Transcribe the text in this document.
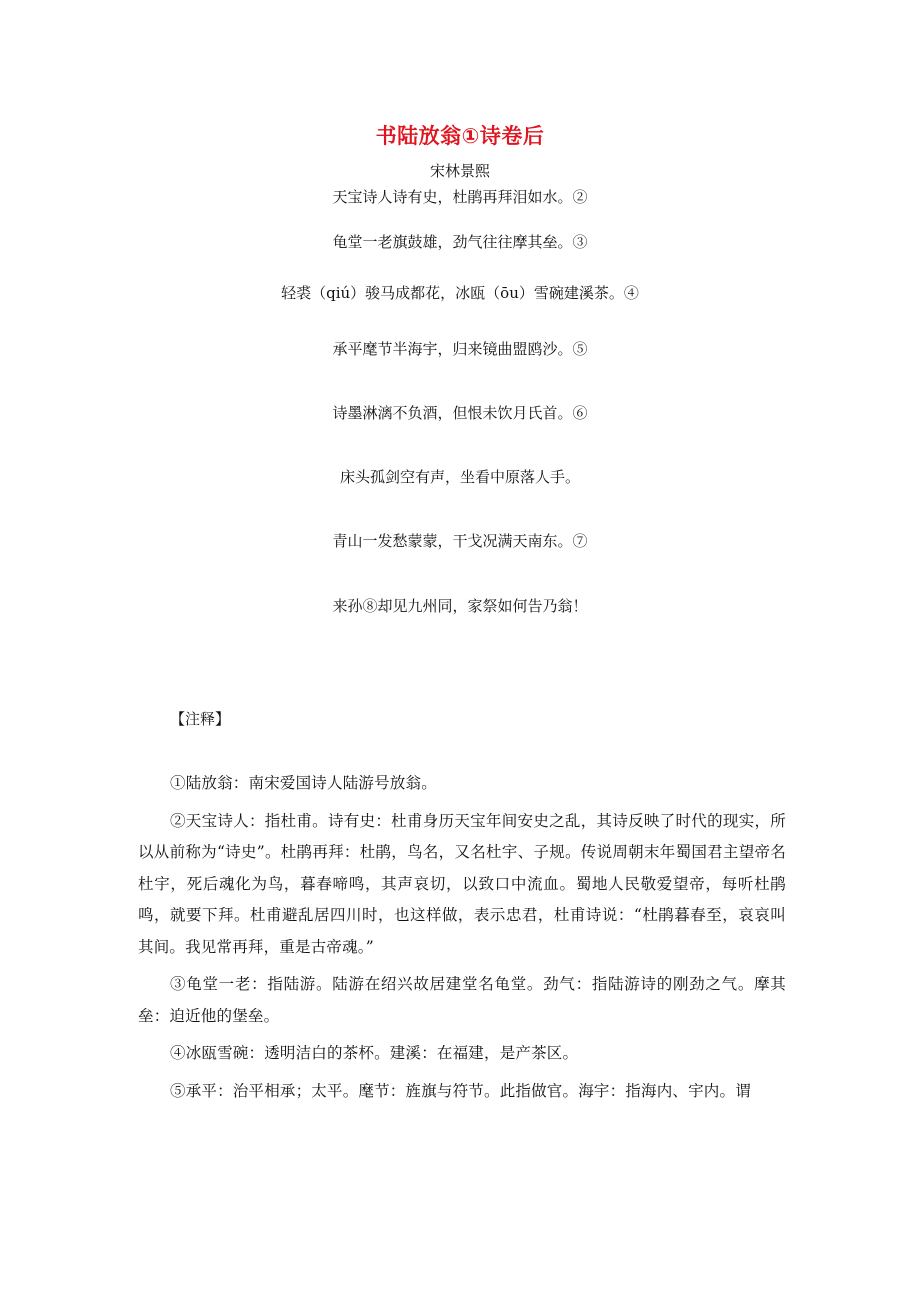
书陆放翁①诗卷后
宋林景熙
天宝诗人诗有史，杜鹃再拜泪如水。②
龟堂一老旗鼓雄，劲气往往摩其垒。③
轻裘（qiú）骏马成都花，冰瓯（ōu）雪碗建溪茶。④
承平麾节半海宇，归来镜曲盟鸥沙。⑤
诗墨淋漓不负酒，但恨未饮月氏首。⑥
床头孤剑空有声，坐看中原落人手。
青山一发愁蒙蒙，干戈况满天南东。⑦
来孙⑧却见九州同，家祭如何告乃翁！
【注释】

①陆放翁：南宋爱国诗人陆游号放翁。

②天宝诗人：指杜甫。诗有史：杜甫身历天宝年间安史之乱，其诗反映了时代的现实，所以从前称为“诗史”。杜鹃再拜：杜鹃，鸟名，又名杜宇、子规。传说周朝末年蜀国君主望帝名杜宇，死后魂化为鸟，暮春啼鸣，其声哀切，以致口中流血。蜀地人民敬爱望帝，每听杜鹃鸣，就要下拜。杜甫避乱居四川时，也这样做，表示忠君，杜甫诗说：“杜鹃暮春至，哀哀叫其间。我见常再拜，重是古帝魂。”

③龟堂一老：指陆游。陆游在绍兴故居建堂名龟堂。劲气：指陆游诗的刚劲之气。摩其垒：迫近他的堡垒。

④冰瓯雪碗：透明洁白的茶杯。建溪：在福建，是产茶区。

⑤承平：治平相承；太平。麾节：旌旗与符节。此指做官。海宇：指海内、宇内。谓
